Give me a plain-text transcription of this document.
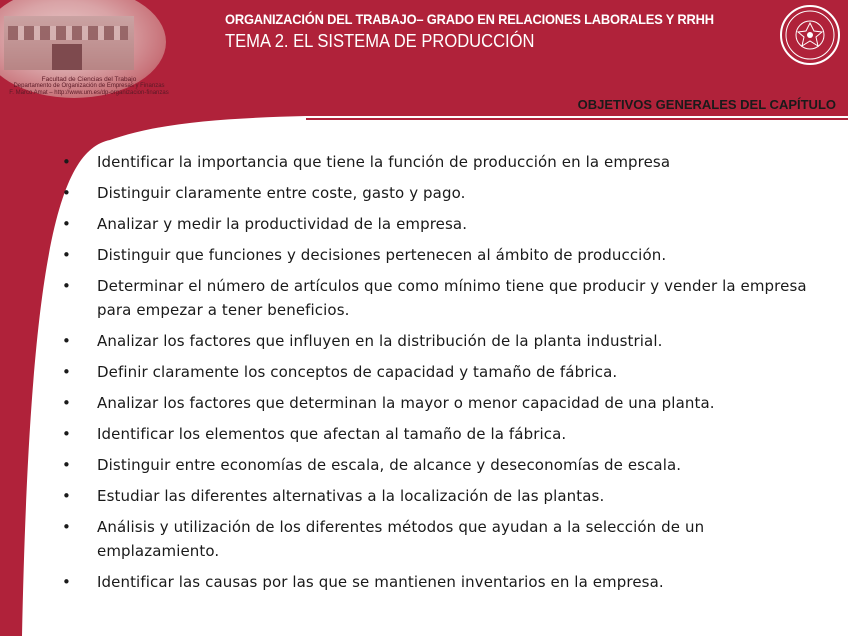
Facultad de Ciencias del Trabajo
Departamento de Organización de Empresas y Finanzas
F. Marco Amat – http://www.um.es/dp-organizacion-finanzas
ORGANIZACIÓN DEL TRABAJO– GRADO EN RELACIONES LABORALES Y RRHH
TEMA 2. EL SISTEMA DE PRODUCCIÓN
OBJETIVOS GENERALES DEL CAPÍTULO
• Identificar la importancia que tiene la función de producción en la empresa
• Distinguir claramente entre coste, gasto y pago.
• Analizar y medir la productividad de la empresa.
• Distinguir que funciones y decisiones pertenecen al ámbito de producción.
• Determinar el número de artículos que como mínimo tiene que producir y vender la empresa para empezar a tener beneficios.
• Analizar los factores que influyen en la distribución de la planta industrial.
• Definir claramente los conceptos de capacidad y tamaño de fábrica.
• Analizar los factores que determinan la mayor o menor capacidad de una planta.
• Identificar los elementos que afectan al tamaño de la fábrica.
• Distinguir entre economías de escala, de alcance y deseconomías de escala.
• Estudiar las diferentes alternativas a la localización de las plantas.
• Análisis y utilización de los diferentes métodos que ayudan a la selección de un emplazamiento.
• Identificar las causas por las que se mantienen inventarios en la empresa.
